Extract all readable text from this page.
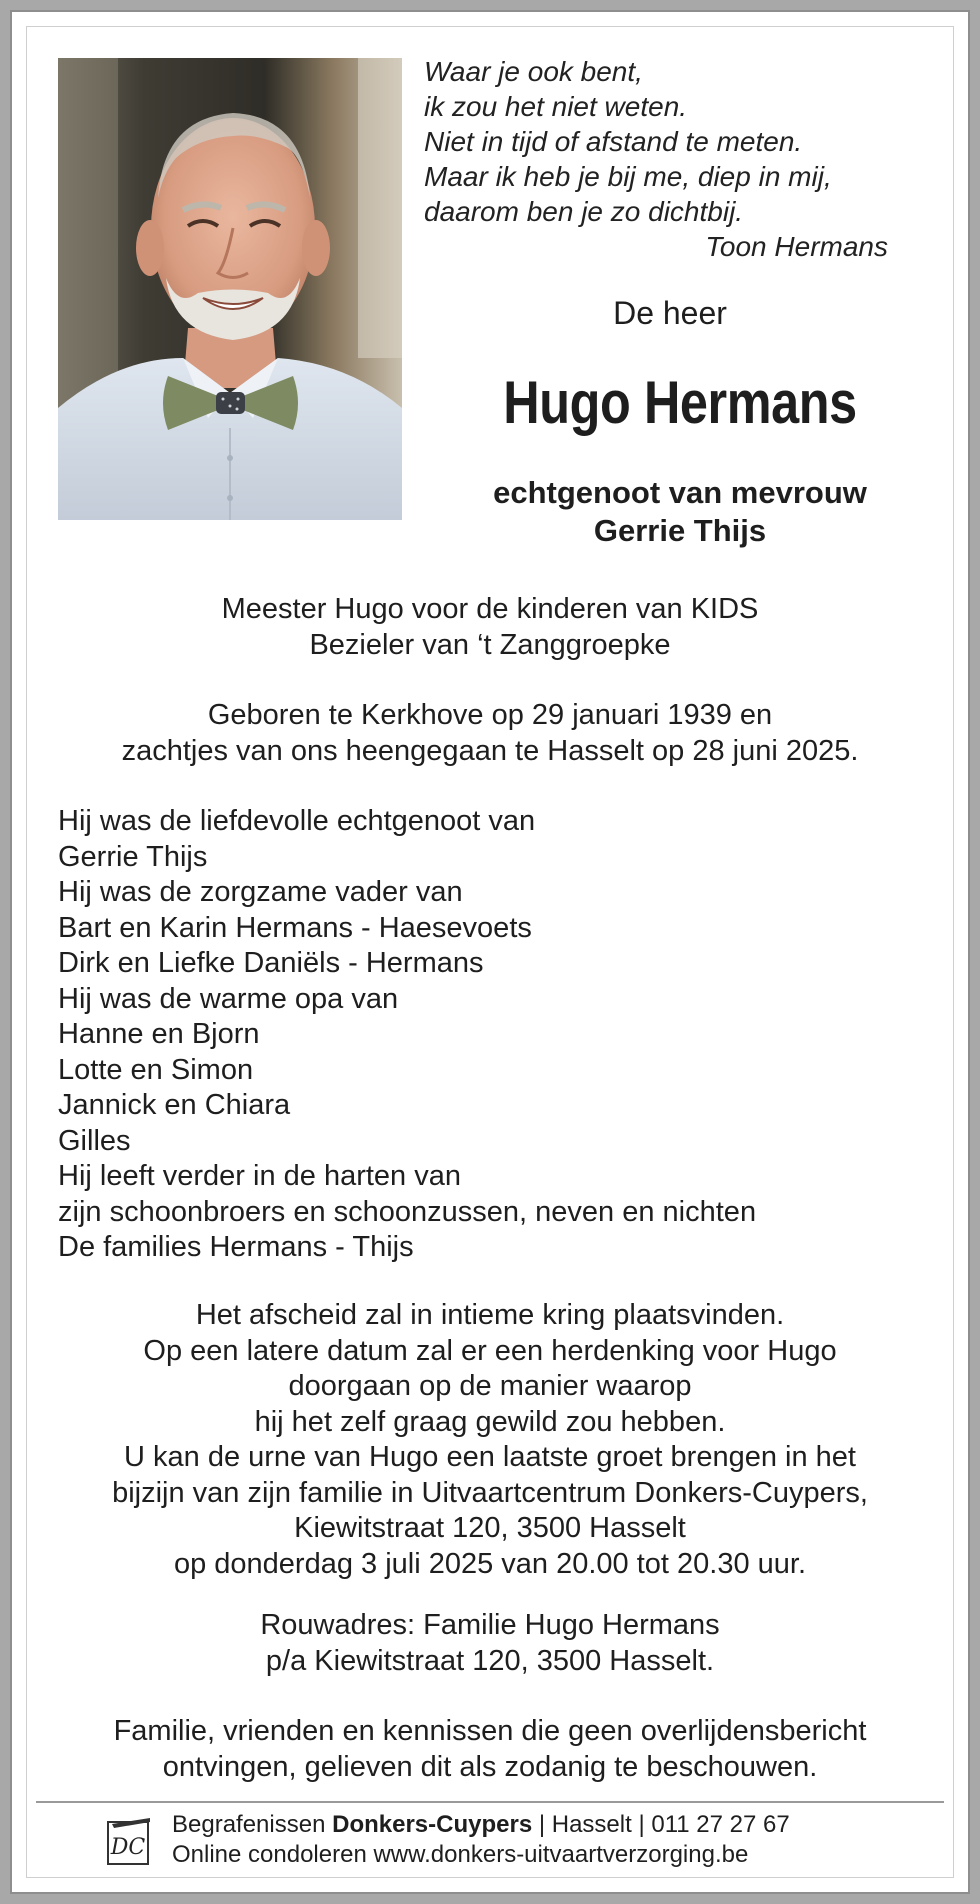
Waar je ook bent,
ik zou het niet weten.
Niet in tijd of afstand te meten.
Maar ik heb je bij me, diep in mij,
daarom ben je zo dichtbij.
Toon Hermans
De heer
Hugo Hermans
echtgenoot van mevrouw
Gerrie Thijs
Meester Hugo voor de kinderen van KIDS
Bezieler van ‘t Zanggroepke
Geboren te Kerkhove op 29 januari 1939 en
zachtjes van ons heengegaan te Hasselt op 28 juni 2025.
Hij was de liefdevolle echtgenoot van
Gerrie Thijs
Hij was de zorgzame vader van
Bart en Karin Hermans - Haesevoets
Dirk en Liefke Daniëls - Hermans
Hij was de warme opa van
Hanne en Bjorn
Lotte en Simon
Jannick en Chiara
Gilles
Hij leeft verder in de harten van
zijn schoonbroers en schoonzussen, neven en nichten
De families Hermans - Thijs
Het afscheid zal in intieme kring plaatsvinden.
Op een latere datum zal er een herdenking voor Hugo
doorgaan op de manier waarop
hij het zelf graag gewild zou hebben.
U kan de urne van Hugo een laatste groet brengen in het
bijzijn van zijn familie in Uitvaartcentrum Donkers-Cuypers,
Kiewitstraat 120, 3500 Hasselt
op donderdag 3 juli 2025 van 20.00 tot 20.30 uur.
Rouwadres: Familie Hugo Hermans
p/a Kiewitstraat 120, 3500 Hasselt.
Familie, vrienden en kennissen die geen overlijdensbericht
ontvingen, gelieven dit als zodanig te beschouwen.
DC
Begrafenissen Donkers-Cuypers | Hasselt | 011 27 27 67
Online condoleren www.donkers-uitvaartverzorging.be
